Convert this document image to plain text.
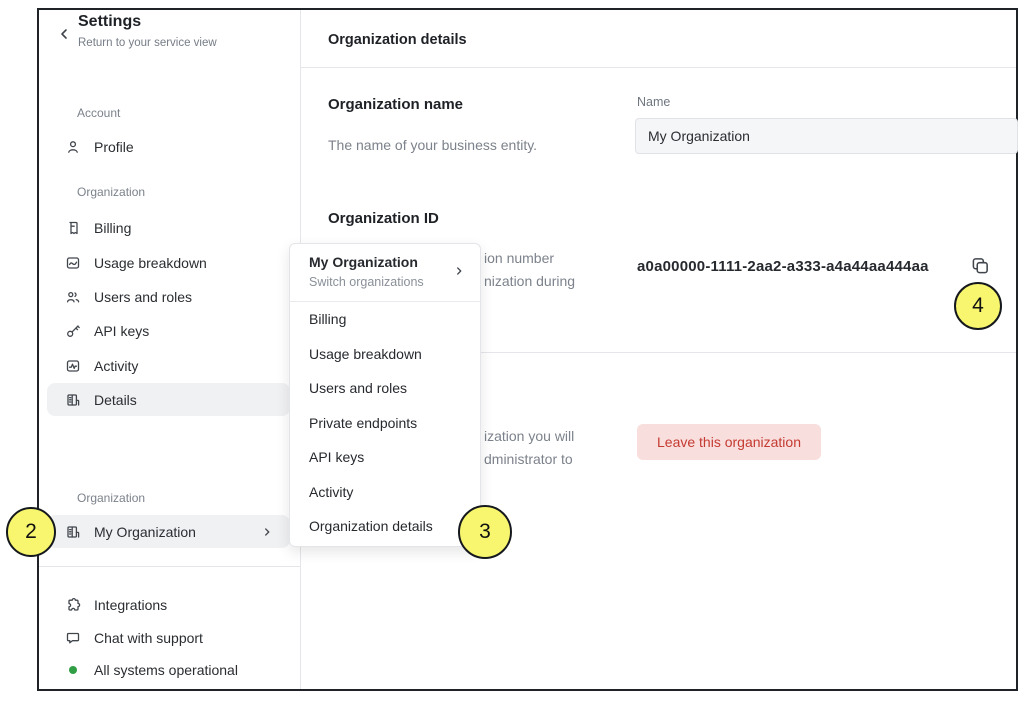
Settings
Return to your service view
Account
Profile
Organization
Billing
Usage breakdown
Users and roles
API keys
Activity
Details
Organization
My Organization
Integrations
Chat with support
All systems operational
Organization details
Organization name
The name of your business entity.
Name
My Organization
Organization ID
ion number
nization during
a0a00000-1111-2aa2-a333-a4a44aa444aa
ization you will
dministrator to
Leave this organization
My Organization
Switch organizations
Billing
Usage breakdown
Users and roles
Private endpoints
API keys
Activity
Organization details
2	3
4
